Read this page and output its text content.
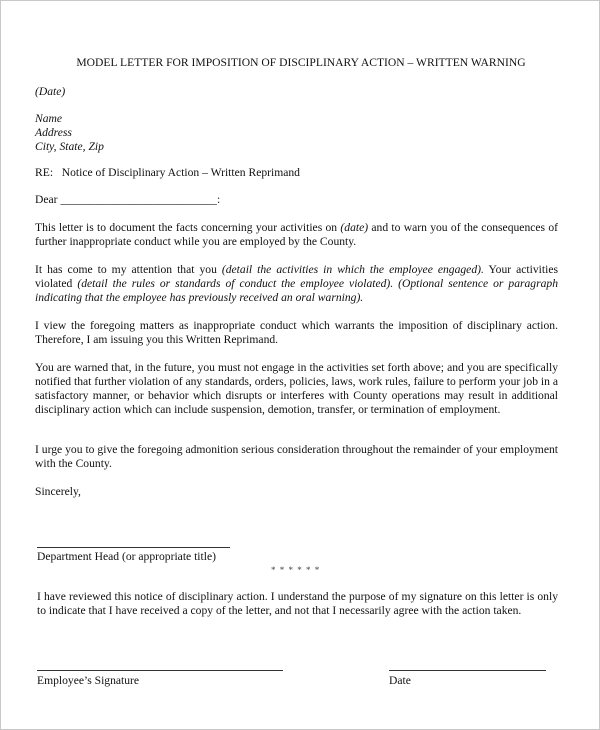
MODEL LETTER FOR IMPOSITION OF DISCIPLINARY ACTION – WRITTEN WARNING
(Date)
Name
Address
City, State, Zip
RE: Notice of Disciplinary Action – Written Reprimand
Dear ___________________________:
This letter is to document the facts concerning your activities on (date) and to warn you of the consequences of further inappropriate conduct while you are employed by the County.
It has come to my attention that you (detail the activities in which the employee engaged). Your activities violated (detail the rules or standards of conduct the employee violated). (Optional sentence or paragraph indicating that the employee has previously received an oral warning).
I view the foregoing matters as inappropriate conduct which warrants the imposition of disciplinary action. Therefore, I am issuing you this Written Reprimand.
You are warned that, in the future, you must not engage in the activities set forth above; and you are specifically notified that further violation of any standards, orders, policies, laws, work rules, failure to perform your job in a satisfactory manner, or behavior which disrupts or interferes with County operations may result in additional disciplinary action which can include suspension, demotion, transfer, or termination of employment.
I urge you to give the foregoing admonition serious consideration throughout the remainder of your employment with the County.
Sincerely,
Department Head (or appropriate title)
* * * * * *
I have reviewed this notice of disciplinary action. I understand the purpose of my signature on this letter is only to indicate that I have received a copy of the letter, and not that I necessarily agree with the action taken.
Employee’s Signature	Date
